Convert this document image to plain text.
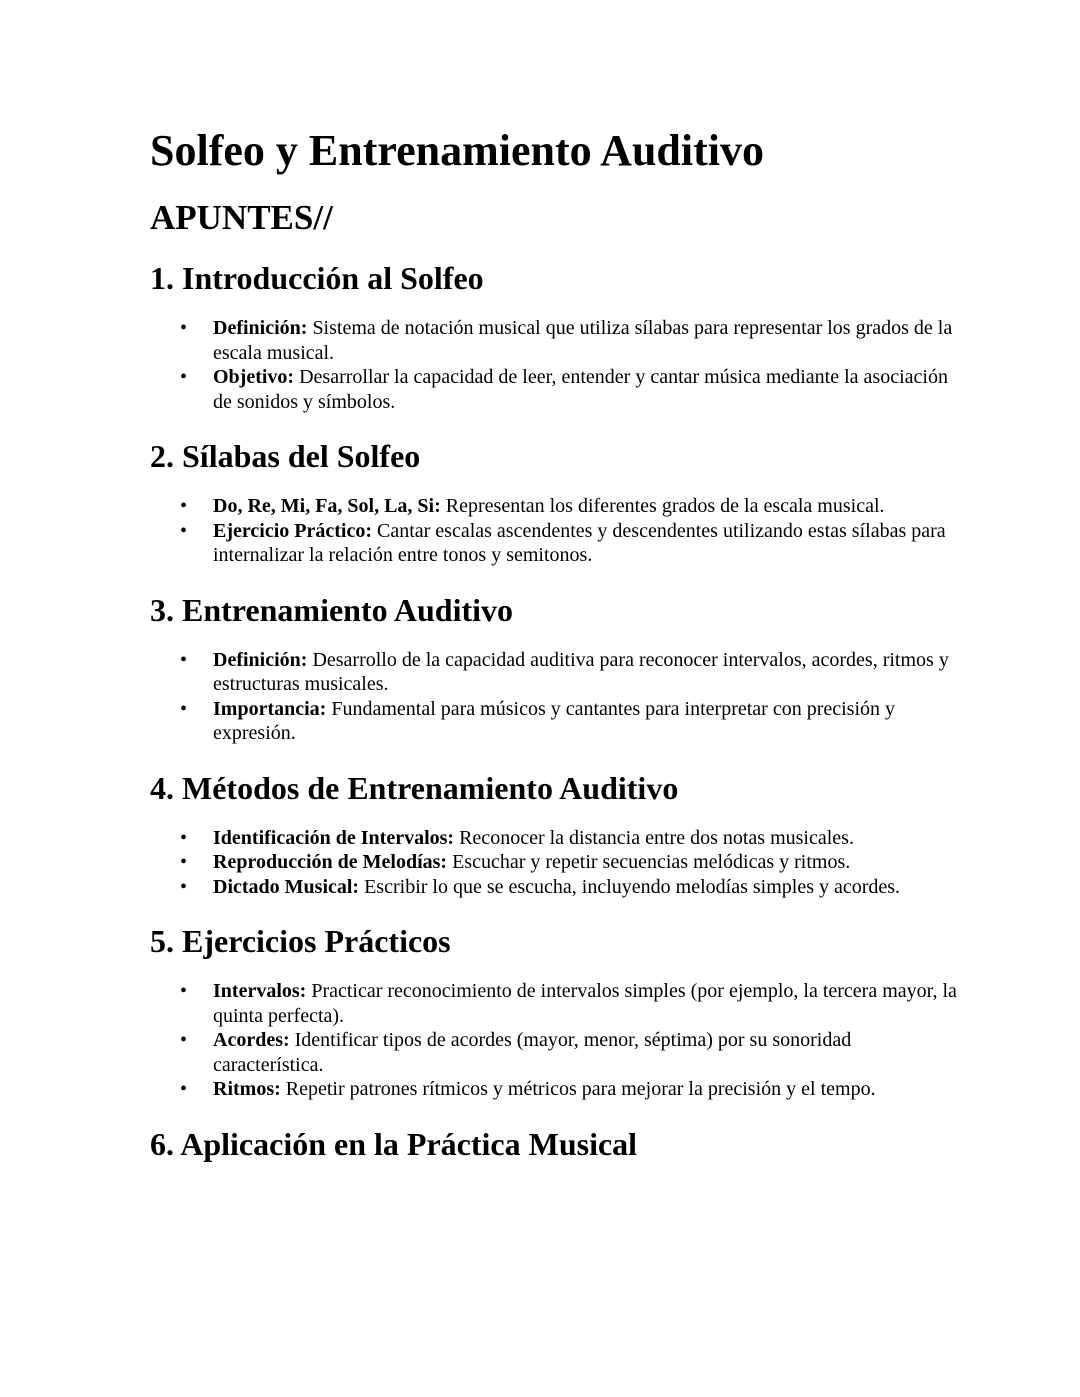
Solfeo y Entrenamiento Auditivo
APUNTES//
1. Introducción al Solfeo
• Definición: Sistema de notación musical que utiliza sílabas para representar los grados de la escala musical.
• Objetivo: Desarrollar la capacidad de leer, entender y cantar música mediante la asociación de sonidos y símbolos.
2. Sílabas del Solfeo
• Do, Re, Mi, Fa, Sol, La, Si: Representan los diferentes grados de la escala musical.
• Ejercicio Práctico: Cantar escalas ascendentes y descendentes utilizando estas sílabas para internalizar la relación entre tonos y semitonos.
3. Entrenamiento Auditivo
• Definición: Desarrollo de la capacidad auditiva para reconocer intervalos, acordes, ritmos y estructuras musicales.
• Importancia: Fundamental para músicos y cantantes para interpretar con precisión y expresión.
4. Métodos de Entrenamiento Auditivo
• Identificación de Intervalos: Reconocer la distancia entre dos notas musicales.
• Reproducción de Melodías: Escuchar y repetir secuencias melódicas y ritmos.
• Dictado Musical: Escribir lo que se escucha, incluyendo melodías simples y acordes.
5. Ejercicios Prácticos
• Intervalos: Practicar reconocimiento de intervalos simples (por ejemplo, la tercera mayor, la quinta perfecta).
• Acordes: Identificar tipos de acordes (mayor, menor, séptima) por su sonoridad característica.
• Ritmos: Repetir patrones rítmicos y métricos para mejorar la precisión y el tempo.
6. Aplicación en la Práctica Musical
